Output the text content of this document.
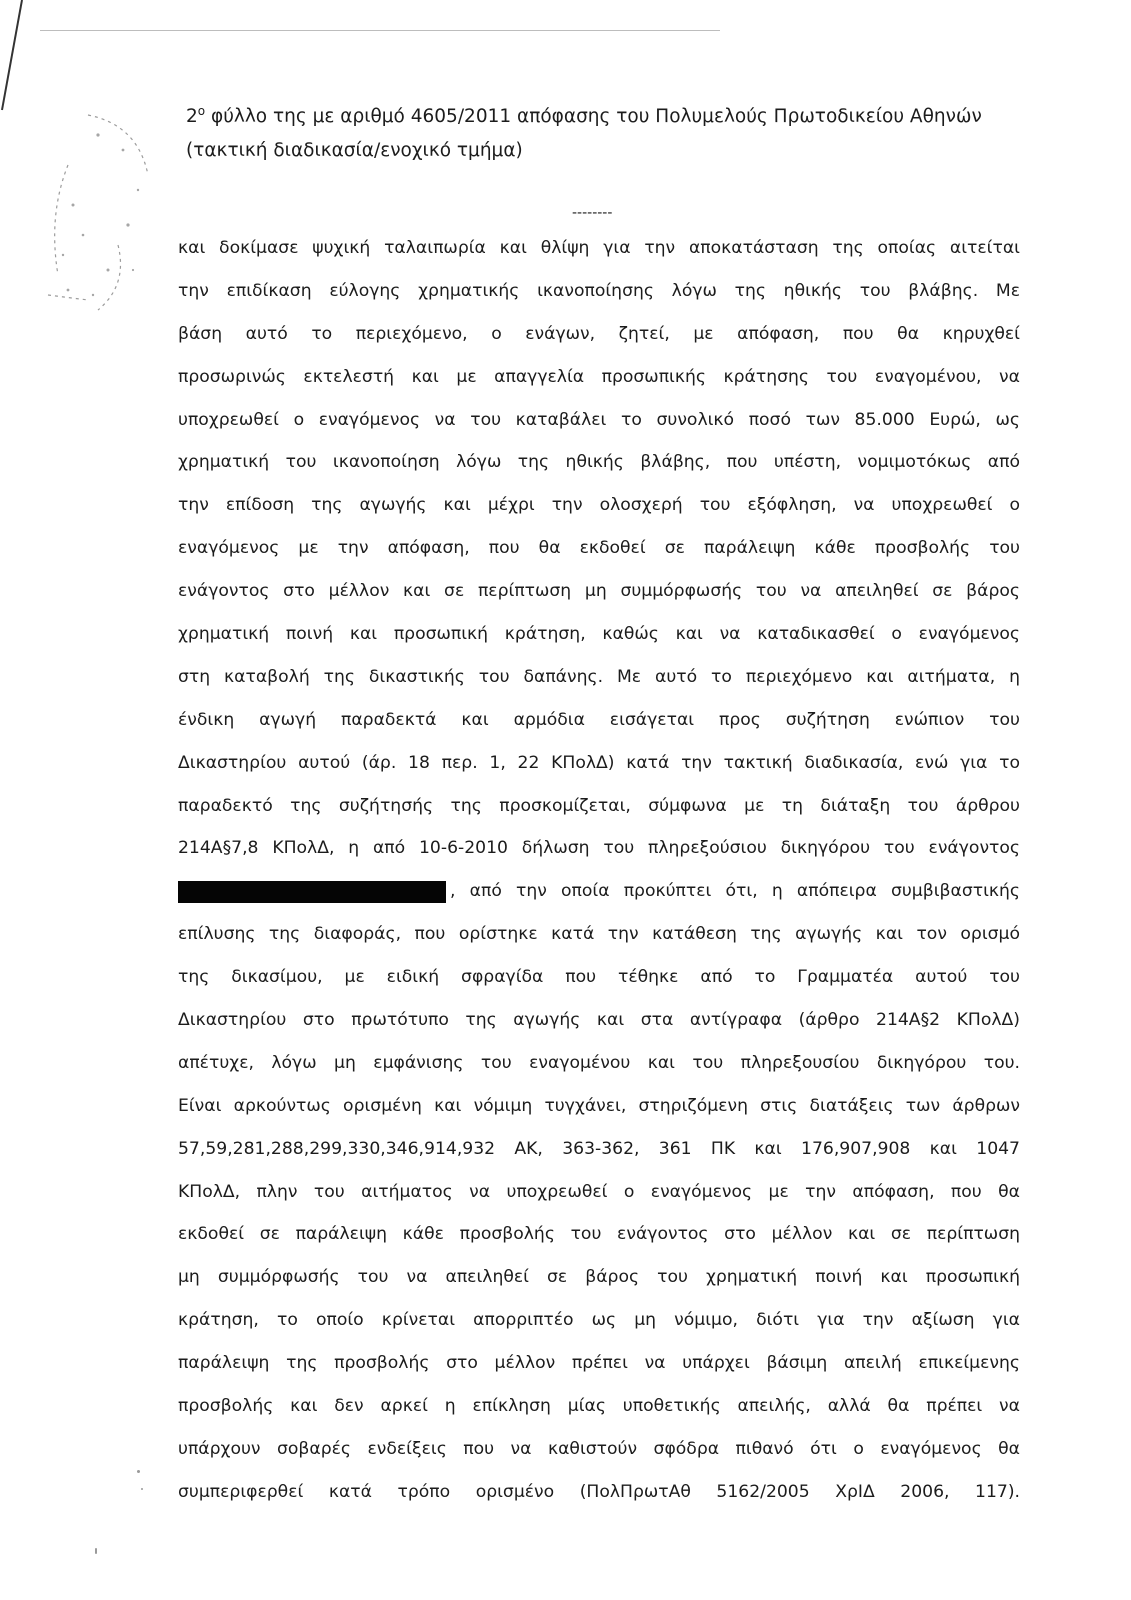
$2^o$ φύλλο της με αριθμό 4605/2011 απόφασης του Πολυμελούς Πρωτοδικείου Αθηνών
(τακτική διαδικασία/ενοχικό τμήμα)
--------
και δοκίμασε ψυχική ταλαιπωρία και θλίψη για την αποκατάσταση της οποίας αιτείται
την επιδίκαση εύλογης χρηματικής ικανοποίησης λόγω της ηθικής του βλάβης. Με
βάση αυτό το περιεχόμενο, ο ενάγων, ζητεί, με απόφαση, που θα κηρυχθεί
προσωρινώς εκτελεστή και με απαγγελία προσωπικής κράτησης του εναγομένου, να
υποχρεωθεί ο εναγόμενος να του καταβάλει το συνολικό ποσό των 85.000 Ευρώ, ως
χρηματική του ικανοποίηση λόγω της ηθικής βλάβης, που υπέστη, νομιμοτόκως από
την επίδοση της αγωγής και μέχρι την ολοσχερή του εξόφληση, να υποχρεωθεί ο
εναγόμενος με την απόφαση, που θα εκδοθεί σε παράλειψη κάθε προσβολής του
ενάγοντος στο μέλλον και σε περίπτωση μη συμμόρφωσής του να απειληθεί σε βάρος
χρηματική ποινή και προσωπική κράτηση, καθώς και να καταδικασθεί ο εναγόμενος
στη καταβολή της δικαστικής του δαπάνης. Με αυτό το περιεχόμενο και αιτήματα, η
ένδικη αγωγή παραδεκτά και αρμόδια εισάγεται προς συζήτηση ενώπιον του
Δικαστηρίου αυτού (άρ. 18 περ. 1, 22 ΚΠολΔ) κατά την τακτική διαδικασία, ενώ για το
παραδεκτό της συζήτησής της προσκομίζεται, σύμφωνα με τη διάταξη του άρθρου
214Α§7,8 ΚΠολΔ, η από 10-6-2010 δήλωση του πληρεξούσιου δικηγόρου του ενάγοντος
, από την οποία προκύπτει ότι, η απόπειρα συμβιβαστικής
επίλυσης της διαφοράς, που ορίστηκε κατά την κατάθεση της αγωγής και τον ορισμό
της δικασίμου, με ειδική σφραγίδα που τέθηκε από το Γραμματέα αυτού του
Δικαστηρίου στο πρωτότυπο της αγωγής και στα αντίγραφα (άρθρο 214Α§2 ΚΠολΔ)
απέτυχε, λόγω μη εμφάνισης του εναγομένου και του πληρεξουσίου δικηγόρου του.
Είναι αρκούντως ορισμένη και νόμιμη τυγχάνει, στηριζόμενη στις διατάξεις των άρθρων
57,59,281,288,299,330,346,914,932 ΑΚ, 363-362, 361 ΠΚ και 176,907,908 και 1047
ΚΠολΔ, πλην του αιτήματος να υποχρεωθεί ο εναγόμενος με την απόφαση, που θα
εκδοθεί σε παράλειψη κάθε προσβολής του ενάγοντος στο μέλλον και σε περίπτωση
μη συμμόρφωσής του να απειληθεί σε βάρος του χρηματική ποινή και προσωπική
κράτηση, το οποίο κρίνεται απορριπτέο ως μη νόμιμο, διότι για την αξίωση για
παράλειψη της προσβολής στο μέλλον πρέπει να υπάρχει βάσιμη απειλή επικείμενης
προσβολής και δεν αρκεί η επίκληση μίας υποθετικής απειλής, αλλά θα πρέπει να
υπάρχουν σοβαρές ενδείξεις που να καθιστούν σφόδρα πιθανό ότι ο εναγόμενος θα
συμπεριφερθεί κατά τρόπο ορισμένο (ΠολΠρωτΑθ 5162/2005 ΧρΙΔ 2006, 117).
